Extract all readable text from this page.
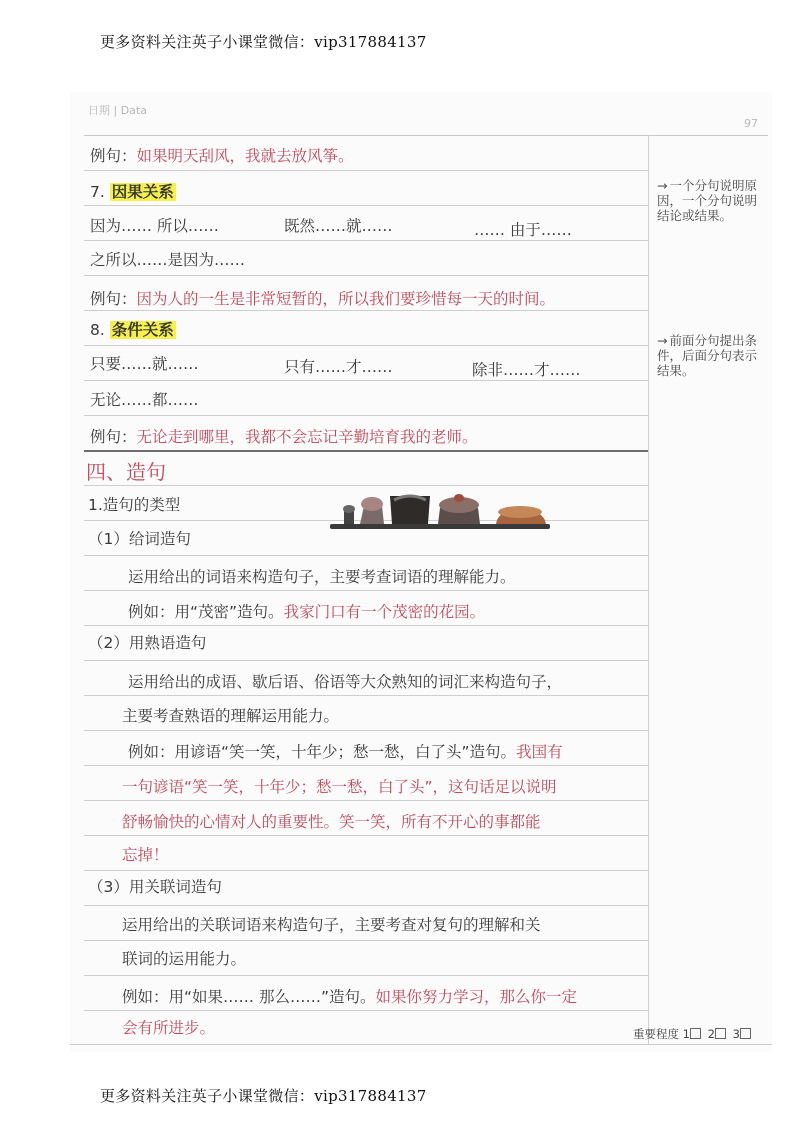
更多资料关注英子小课堂微信：vip317884137
日期 | Data
97
例句：如果明天刮风，我就去放风筝。
7. 因果关系
因为…… 所以……	既然……就……	…… 由于……
之所以……是因为……
例句：因为人的一生是非常短暂的，所以我们要珍惜每一天的时间。
8. 条件关系
只要……就……	只有……才……	除非……才……
无论……都……
例句：无论走到哪里，我都不会忘记辛勤培育我的老师。
四、造句
1.造句的类型
（1）给词造句
运用给出的词语来构造句子，主要考查词语的理解能力。
例如：用“茂密”造句。我家门口有一个茂密的花园。
（2）用熟语造句
运用给出的成语、歇后语、俗语等大众熟知的词汇来构造句子，
主要考查熟语的理解运用能力。
例如：用谚语“笑一笑，十年少；愁一愁，白了头”造句。我国有
一句谚语“笑一笑，十年少；愁一愁，白了头”，这句话足以说明
舒畅愉快的心情对人的重要性。笑一笑，所有不开心的事都能
忘掉！
（3）用关联词造句
运用给出的关联词语来构造句子，主要考查对复句的理解和关
联词的运用能力。
例如：用“如果…… 那么……”造句。如果你努力学习，那么你一定
会有所进步。
→ 一个分句说明原因，一个分句说明结论或结果。
→ 前面分句提出条件，后面分句表示结果。
重要程度 1 2 3
更多资料关注英子小课堂微信：vip317884137
